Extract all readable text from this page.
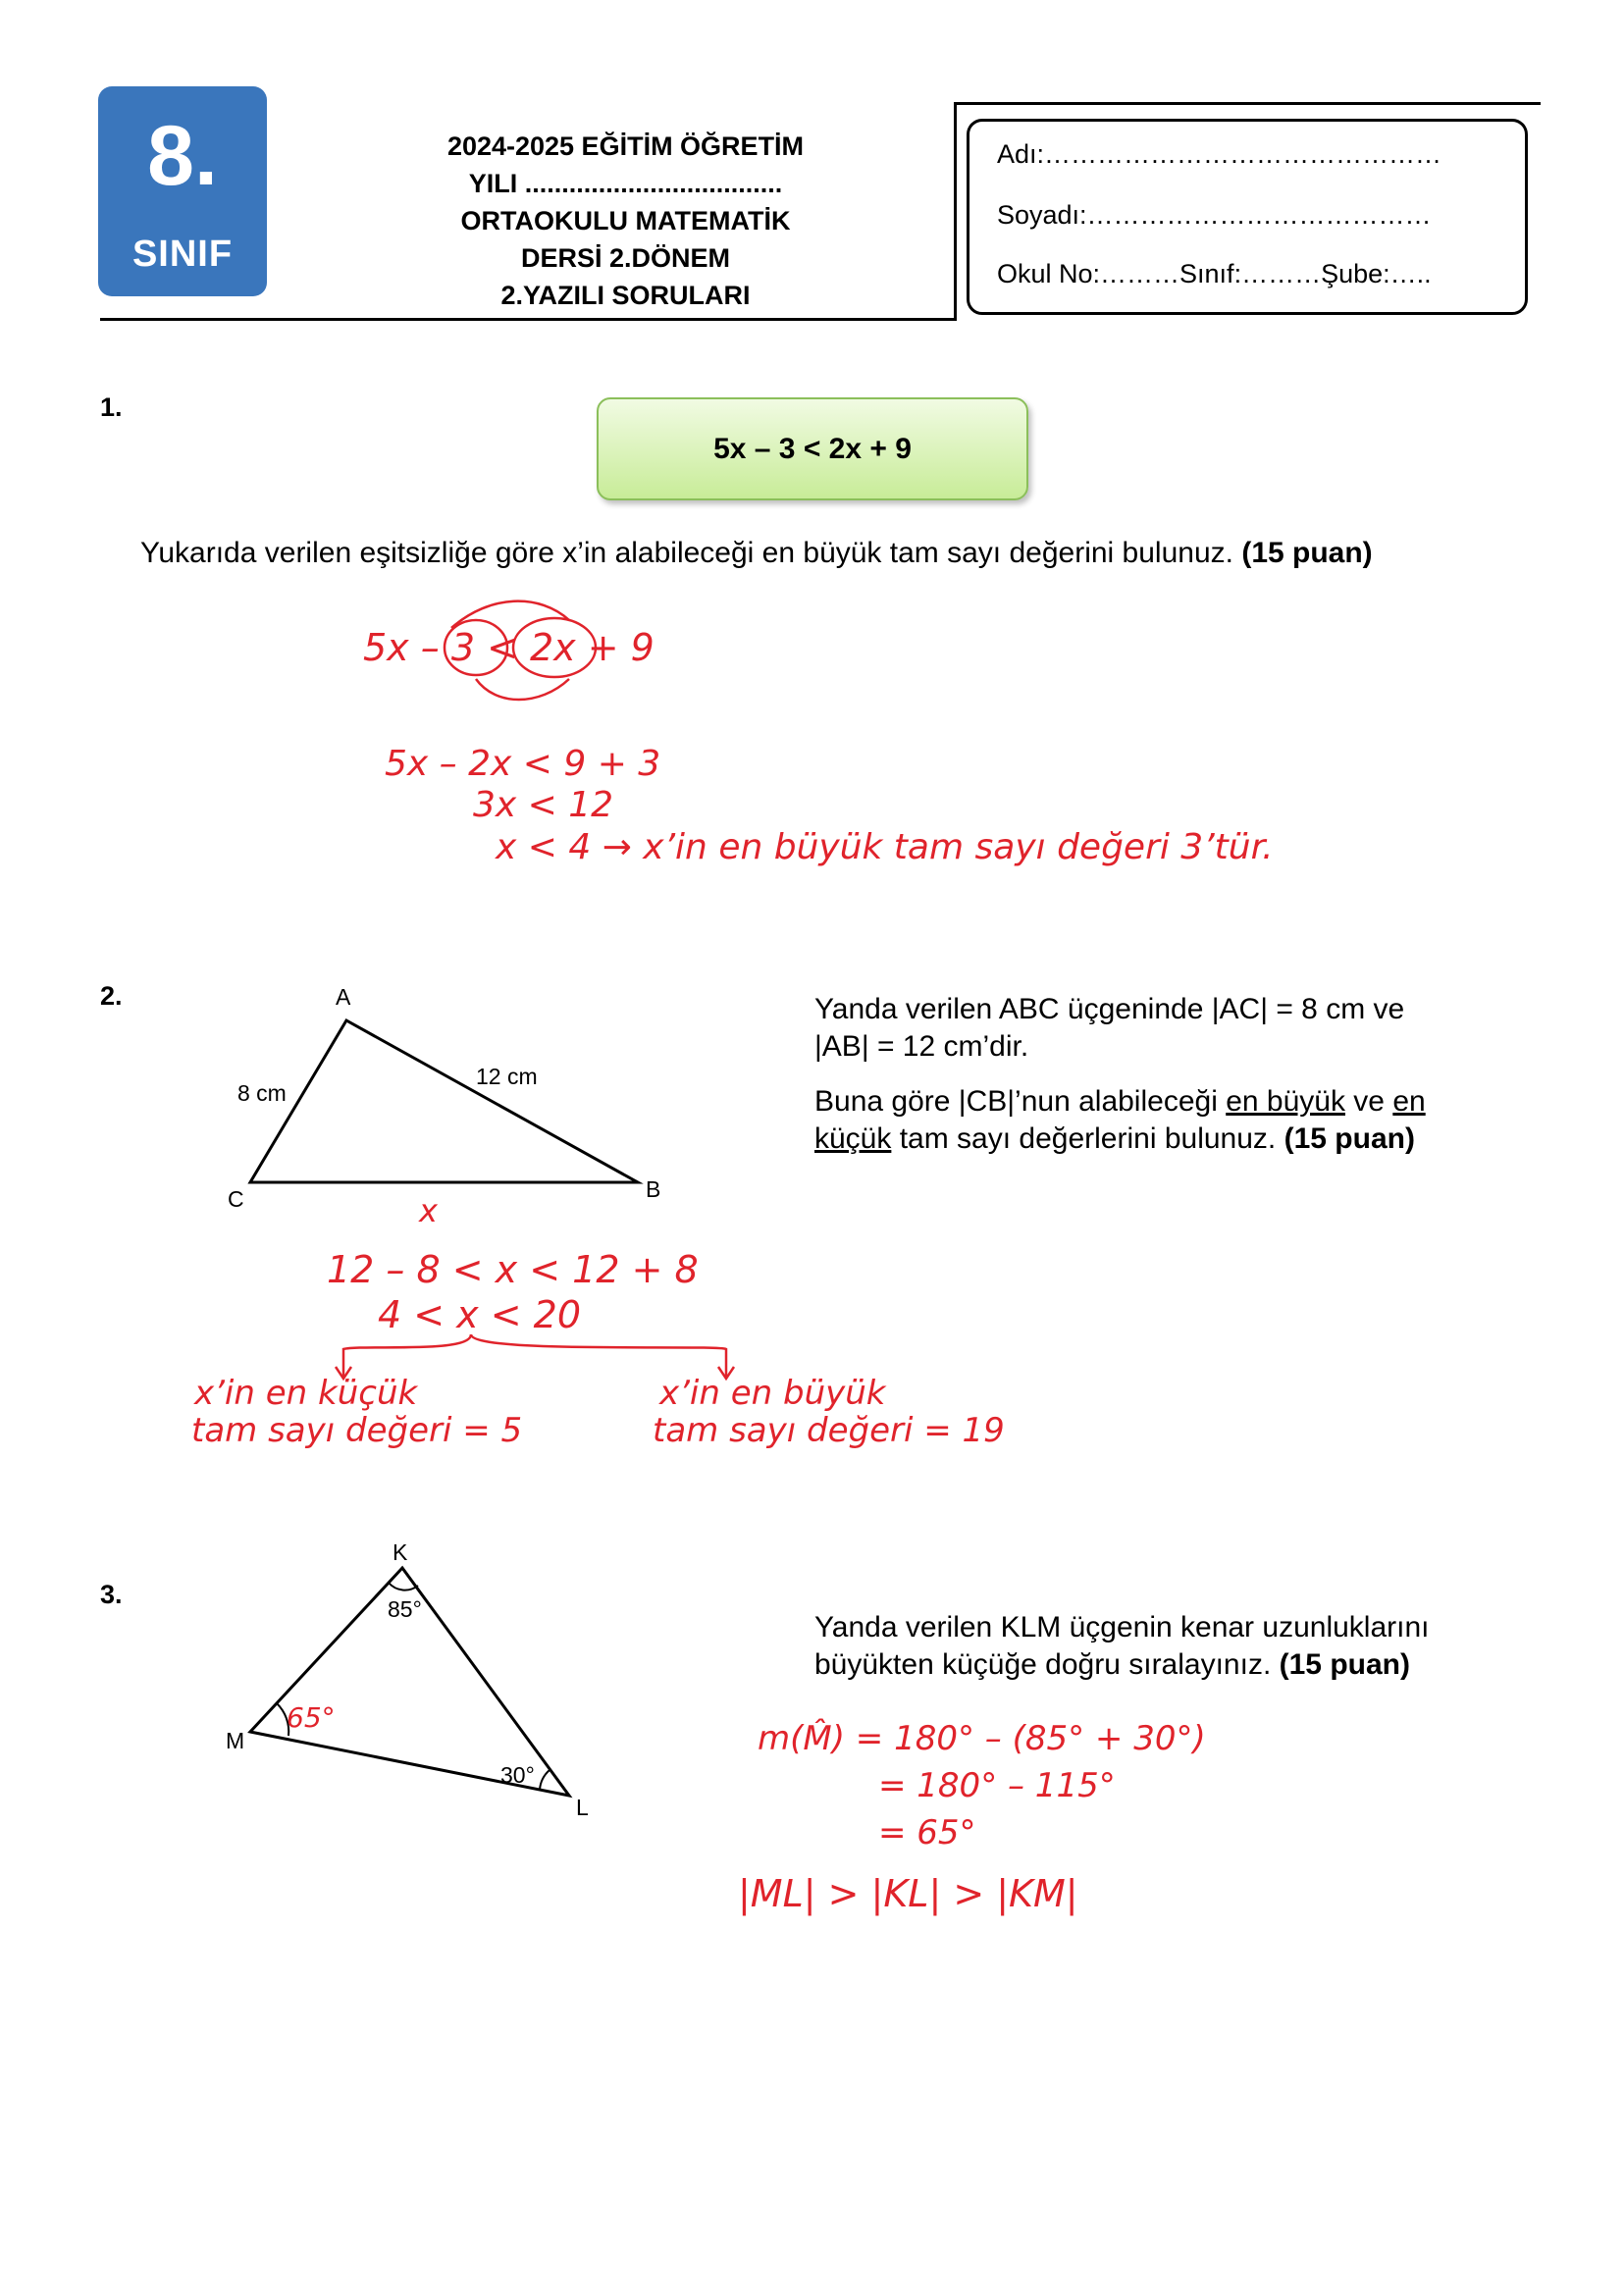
8.
SINIF
2024-2025 EĞİTİM ÖĞRETİM
YILI ...................................
ORTAOKULU MATEMATİK
DERSİ 2.DÖNEM
2.YAZILI SORULARI
Adı:………………………………………
Soyadı:…………………………………
Okul No:………Sınıf:………Şube:…..
1.
5x – 3 < 2x + 9
Yukarıda verilen eşitsizliğe göre x’in alabileceği en büyük tam sayı değerini bulunuz. (15 puan)
5x – 3 < 2x + 9
5x – 2x < 9 + 3
3x < 12
x < 4 → x’in en büyük tam sayı değeri 3’tür.
2.	A
C	B
8 cm
12 cm
x
Yanda verilen ABC üçgeninde |AC| = 8 cm ve
|AB| = 12 cm’dir.
Buna göre |CB|’nun alabileceği en büyük ve en
küçük tam sayı değerlerini bulunuz. (15 puan)
12 – 8 < x < 12 + 8
4 < x < 20
x’in en küçük
tam sayı değeri = 5
x’in en büyük
tam sayı değeri = 19
3.
K
M
L
85°
30°
65°
Yanda verilen KLM üçgenin kenar uzunluklarını
büyükten küçüğe doğru sıralayınız. (15 puan)
m(M̂) = 180° – (85° + 30°)
= 180° – 115°
= 65°
|ML| > |KL| > |KM|
